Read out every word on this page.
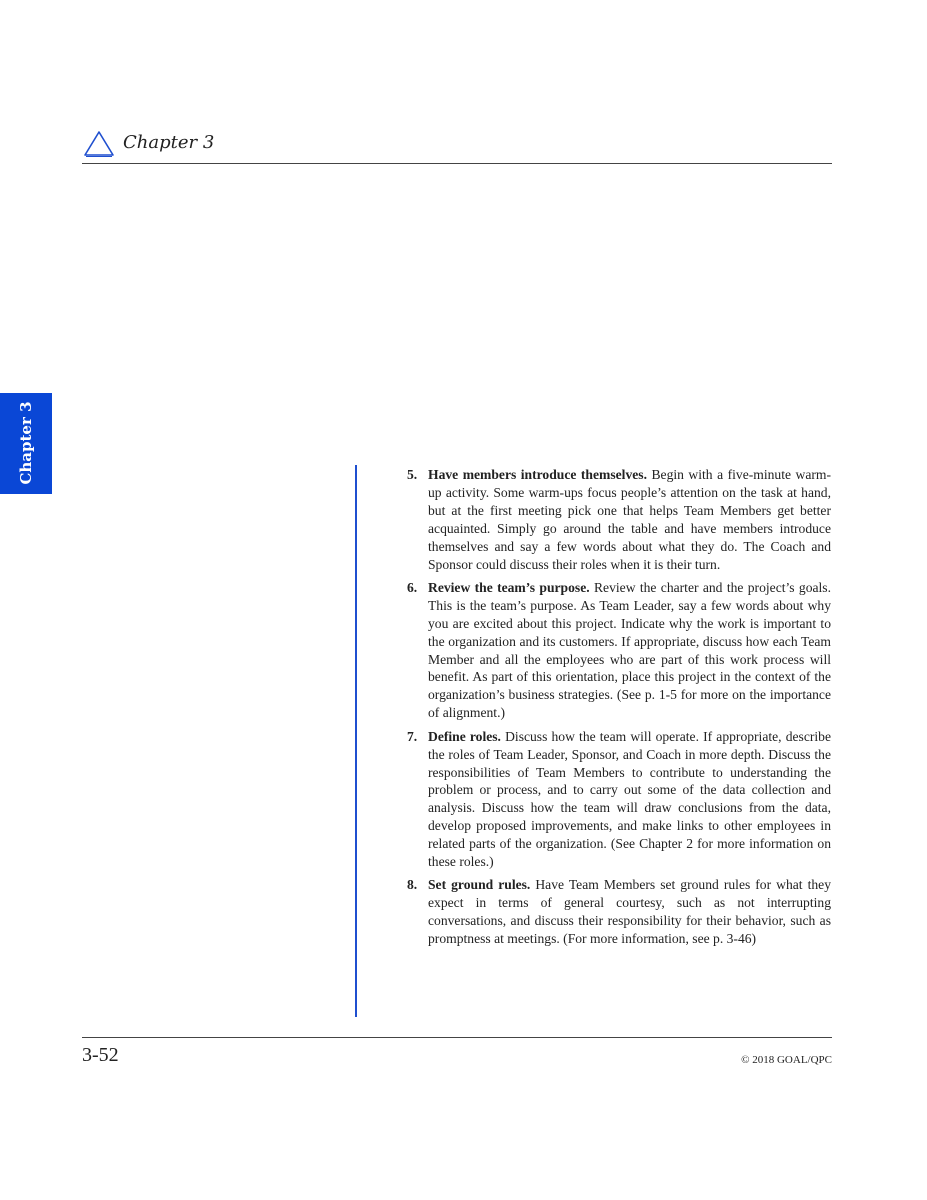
Chapter 3
Chapter 3	5. Have members introduce themselves. Begin with a five-minute warm-up activity. Some warm-ups focus people’s attention on the task at hand, but at the first meeting pick one that helps Team Members get better acquainted. Simply go around the table and have members introduce themselves and say a few words about what they do. The Coach and Sponsor could discuss their roles when it is their turn.
6. Review the team’s purpose. Review the charter and the project’s goals. This is the team’s purpose. As Team Leader, say a few words about why you are excited about this project. Indicate why the work is important to the organization and its customers. If appropriate, discuss how each Team Member and all the employees who are part of this work process will benefit. As part of this orientation, place this project in the context of the organization’s business strategies. (See p. 1-5 for more on the importance of alignment.)
7. Define roles. Discuss how the team will operate. If appropriate, describe the roles of Team Leader, Sponsor, and Coach in more depth. Discuss the responsibilities of Team Members to contribute to understanding the problem or process, and to carry out some of the data collection and analysis. Discuss how the team will draw conclusions from the data, develop proposed improvements, and make links to other employees in related parts of the organization. (See Chapter 2 for more information on these roles.)
8. Set ground rules. Have Team Members set ground rules for what they expect in terms of general courtesy, such as not interrupting conversations, and discuss their responsibility for their behavior, such as promptness at meetings. (For more information, see p. 3-46)
3-52	© 2018 GOAL/QPC
